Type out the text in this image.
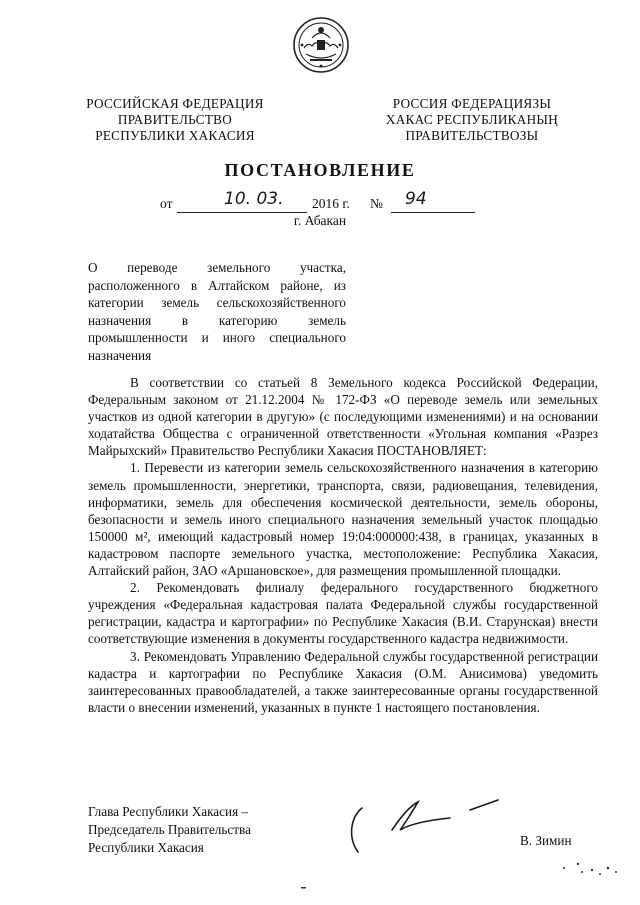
РОССИЙСКАЯ ФЕДЕРАЦИЯ
ПРАВИТЕЛЬСТВО
РЕСПУБЛИКИ ХАКАСИЯ
РОССИЯ ФЕДЕРАЦИЯЗЫ
ХАКАС РЕСПУБЛИКАНЫҢ
ПРАВИТЕЛЬСТВОЗЫ
ПОСТАНОВЛЕНИЕ
от	10. 03. 2016 г. № 94
г. Абакан
О переводе земельного участка, расположенного в Алтайском районе, из категории земель сельскохозяйственного назначения в категорию земель промышленности и иного специального назначения

В соответствии со статьей 8 Земельного кодекса Российской Федерации, Федеральным законом от 21.12.2004 № 172-ФЗ «О переводе земель или земельных участков из одной категории в другую» (с последующими изменениями) и на основании ходатайства Общества с ограниченной ответственности «Угольная компания «Разрез Майрыхский» Правительство Республики Хакасия ПОСТАНОВЛЯЕТ:

1. Перевести из категории земель сельскохозяйственного назначения в категорию земель промышленности, энергетики, транспорта, связи, радиовещания, телевидения, информатики, земель для обеспечения космической деятельности, земель обороны, безопасности и земель иного специального назначения земельный участок площадью 150000 м², имеющий кадастровый номер 19:04:000000:438, в границах, указанных в кадастровом паспорте земельного участка, местоположение: Республика Хакасия, Алтайский район, ЗАО «Аршановское», для размещения промышленной площадки.

2. Рекомендовать филиалу федерального государственного бюджетного учреждения «Федеральная кадастровая палата Федеральной службы государственной регистрации, кадастра и картографии» по Республике Хакасия (В.И. Старунская) внести соответствующие изменения в документы государственного кадастра недвижимости.

3. Рекомендовать Управлению Федеральной службы государственной регистрации кадастра и картографии по Республике Хакасия (О.М. Анисимова) уведомить заинтересованных правообладателей, а также заинтересованные органы государственной власти о внесении изменений, указанных в пункте 1 настоящего постановления.

Глава Республики Хакасия –
Председатель Правительства
Республики Хакасия	В. Зимин
